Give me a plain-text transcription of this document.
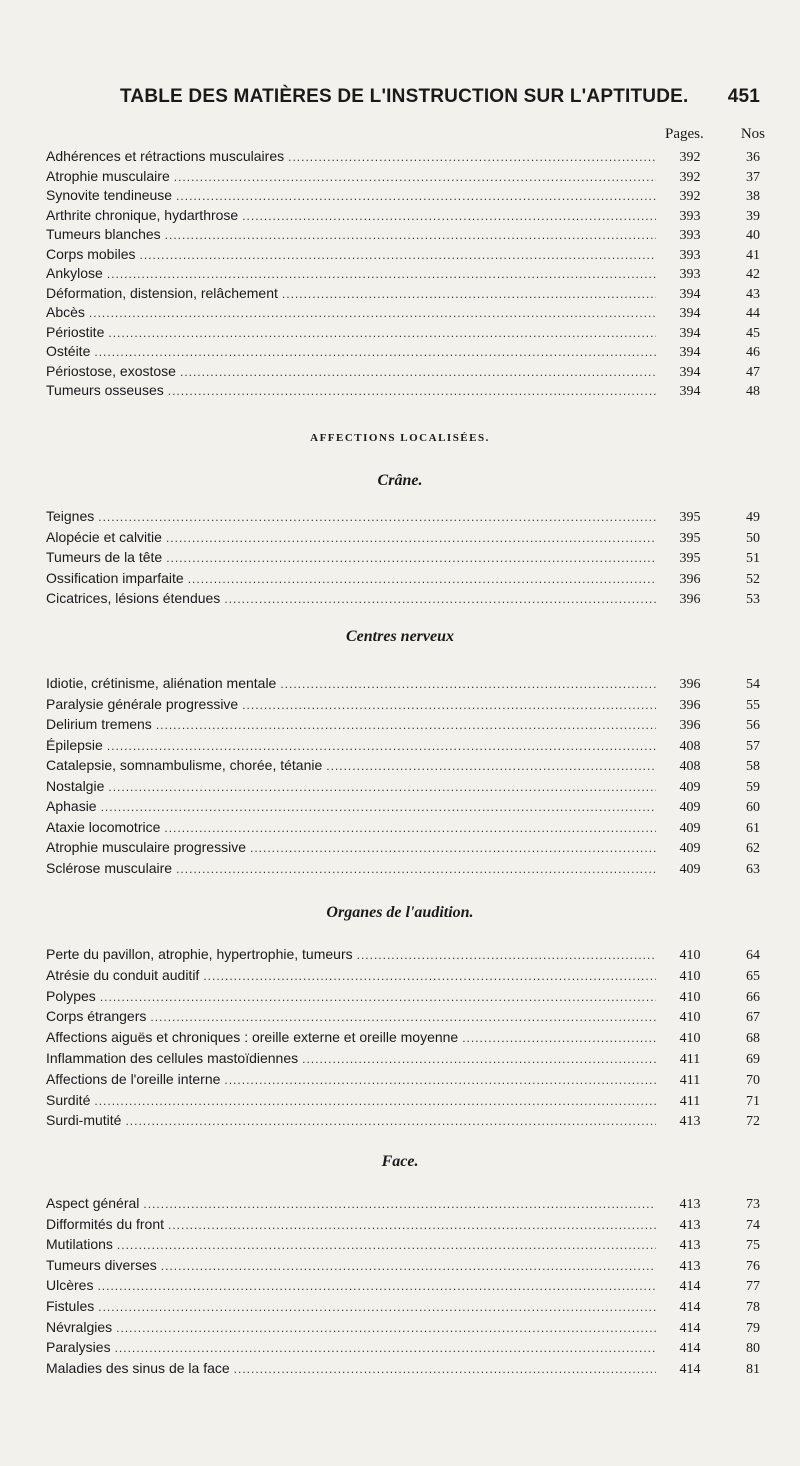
TABLE DES MATIÈRES DE L'INSTRUCTION SUR L'APTITUDE. 451
Pages. Nos
Adhérences et rétractions musculaires .....	392	36
Atrophie musculaire .....	392	37
Synovite tendineuse .....	392	38
Arthrite chronique, hydarthrose .....	393	39
Tumeurs blanches .....	393	40
Corps mobiles .....	393	41
Ankylose .....	393	42
Déformation, distension, relâchement .....	394	43
Abcès .....	394	44
Périostite .....	394	45
Ostéite .....	394	46
Périostose, exostose .....	394	47
Tumeurs osseuses .....	394	48
AFFECTIONS LOCALISÉES.
Crâne.
Teignes .....	395	49
Alopécie et calvitie .....	395	50
Tumeurs de la tête .....	395	51
Ossification imparfaite .....	396	52
Cicatrices, lésions étendues .....	396	53
Centres nerveux
Idiotie, crétinisme, aliénation mentale .....	396	54
Paralysie générale progressive .....	396	55
Delirium tremens .....	396	56
Épilepsie .....	408	57
Catalepsie, somnambulisme, chorée, tétanie .....	408	58
Nostalgie .....	409	59
Aphasie .....	409	60
Ataxie locomotrice .....	409	61
Atrophie musculaire progressive .....	409	62
Sclérose musculaire .....	409	63
Organes de l'audition.
Perte du pavillon, atrophie, hypertrophie, tumeurs .....	410	64
Atrésie du conduit auditif .....	410	65
Polypes .....	410	66
Corps étrangers .....	410	67
Affections aiguës et chroniques : oreille externe et oreille moyenne .....	410	68
Inflammation des cellules mastoïdiennes .....	411	69
Affections de l'oreille interne .....	411	70
Surdité .....	411	71
Surdi-mutité .....	413	72
Face.
Aspect général .....	413	73
Difformités du front .....	413	74
Mutilations .....	413	75
Tumeurs diverses .....	413	76
Ulcères .....	414	77
Fistules .....	414	78
Névralgies .....	414	79
Paralysies .....	414	80
Maladies des sinus de la face .....	414	81
